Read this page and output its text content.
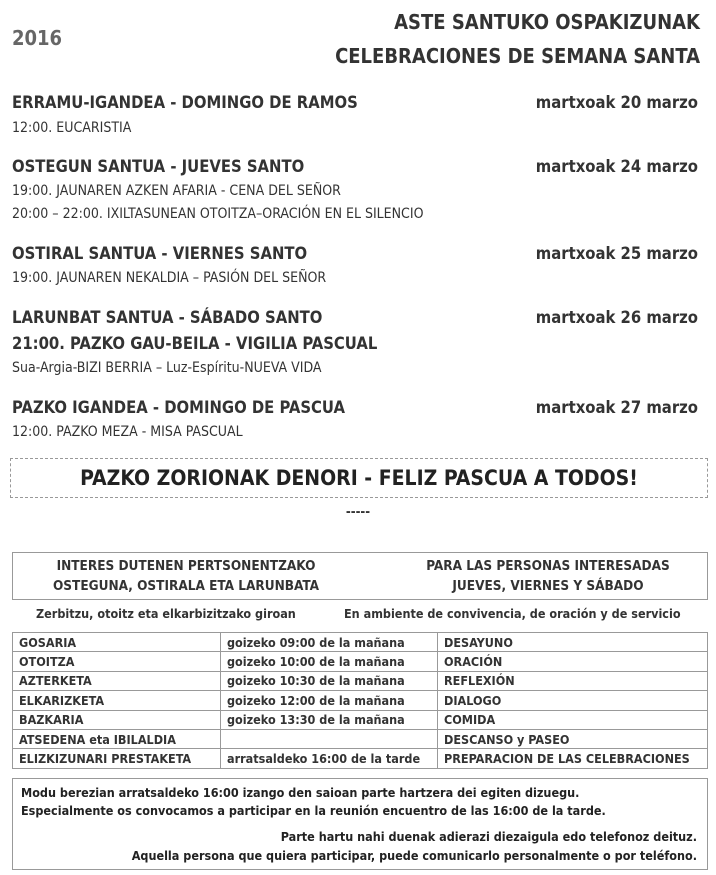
2016
ASTE SANTUKO OSPAKIZUNAK
CELEBRACIONES DE SEMANA SANTA
ERRAMU-IGANDEA - DOMINGO DE RAMOS	martxoak 20 marzo
12:00. EUCARISTIA
OSTEGUN SANTUA - JUEVES SANTO	martxoak 24 marzo
19:00. JAUNAREN AZKEN AFARIA - CENA DEL SEÑOR
20:00 – 22:00. IXILTASUNEAN OTOITZA–ORACIÓN EN EL SILENCIO
OSTIRAL SANTUA - VIERNES SANTO	martxoak 25 marzo
19:00. JAUNAREN NEKALDIA – PASIÓN DEL SEÑOR
LARUNBAT SANTUA - SÁBADO SANTO	martxoak 26 marzo
21:00. PAZKO GAU-BEILA - VIGILIA PASCUAL
Sua-Argia-BIZI BERRIA – Luz-Espíritu-NUEVA VIDA
PAZKO IGANDEA - DOMINGO DE PASCUA	martxoak 27 marzo
12:00. PAZKO MEZA - MISA PASCUAL
PAZKO ZORIONAK DENORI - FELIZ PASCUA A TODOS!
-----
INTERES DUTENEN PERTSONENTZAKO
OSTEGUNA, OSTIRALA ETA LARUNBATA
PARA LAS PERSONAS INTERESADAS
JUEVES, VIERNES Y SÁBADO
Zerbitzu, otoitz eta elkarbizitzako giroan	En ambiente de convivencia, de oración y de servicio
GOSARIA	goizeko 09:00 de la mañana	DESAYUNO
OTOITZA	goizeko 10:00 de la mañana	ORACIÓN
AZTERKETA	goizeko 10:30 de la mañana	REFLEXIÓN
ELKARIZKETA	goizeko 12:00 de la mañana	DIALOGO
BAZKARIA	goizeko 13:30 de la mañana	COMIDA
ATSEDENA eta IBILALDIA		DESCANSO y PASEO
ELIZKIZUNARI PRESTAKETA	arratsaldeko 16:00 de la tarde	PREPARACION DE LAS CELEBRACIONES
Modu berezian arratsaldeko 16:00 izango den saioan parte hartzera dei egiten dizuegu.
Especialmente os convocamos a participar en la reunión encuentro de las 16:00 de la tarde.
Parte hartu nahi duenak adierazi diezaigula edo telefonoz deituz.
Aquella persona que quiera participar, puede comunicarlo personalmente o por teléfono.
